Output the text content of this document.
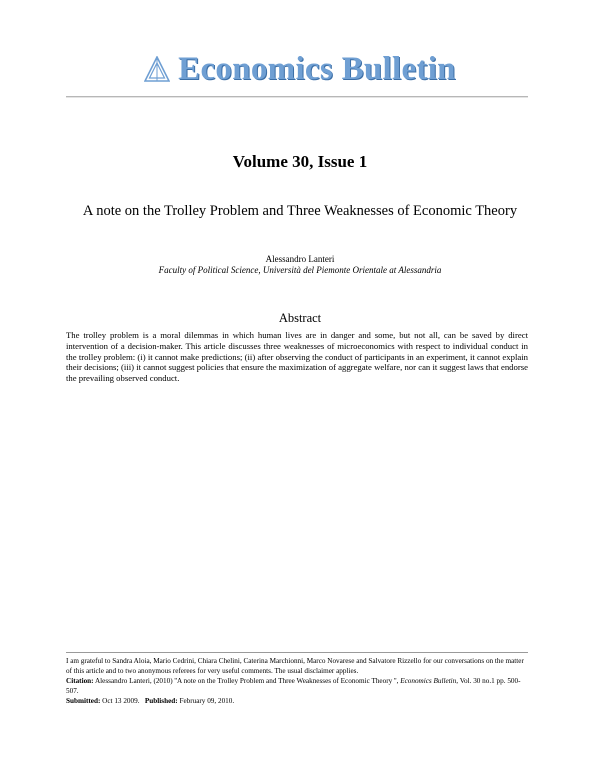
Economics Bulletin
Volume 30, Issue 1
A note on the Trolley Problem and Three Weaknesses of Economic Theory
Alessandro Lanteri
Faculty of Political Science, Università del Piemonte Orientale at Alessandria
Abstract
The trolley problem is a moral dilemmas in which human lives are in danger and some, but not all, can be saved by direct intervention of a decision-maker. This article discusses three weaknesses of microeconomics with respect to individual conduct in the trolley problem: (i) it cannot make predictions; (ii) after observing the conduct of participants in an experiment, it cannot explain their decisions; (iii) it cannot suggest policies that ensure the maximization of aggregate welfare, nor can it suggest laws that endorse the prevailing observed conduct.

I am grateful to Sandra Aloia, Mario Cedrini, Chiara Chelini, Caterina Marchionni, Marco Novarese and Salvatore Rizzello for our conversations on the matter of this article and to two anonymous referees for very useful comments. The usual disclaimer applies.

Citation: Alessandro Lanteri, (2010) ''A note on the Trolley Problem and Three Weaknesses of Economic Theory '', Economics Bulletin, Vol. 30 no.1 pp. 500-507.

Submitted: Oct 13 2009. Published: February 09, 2010.
